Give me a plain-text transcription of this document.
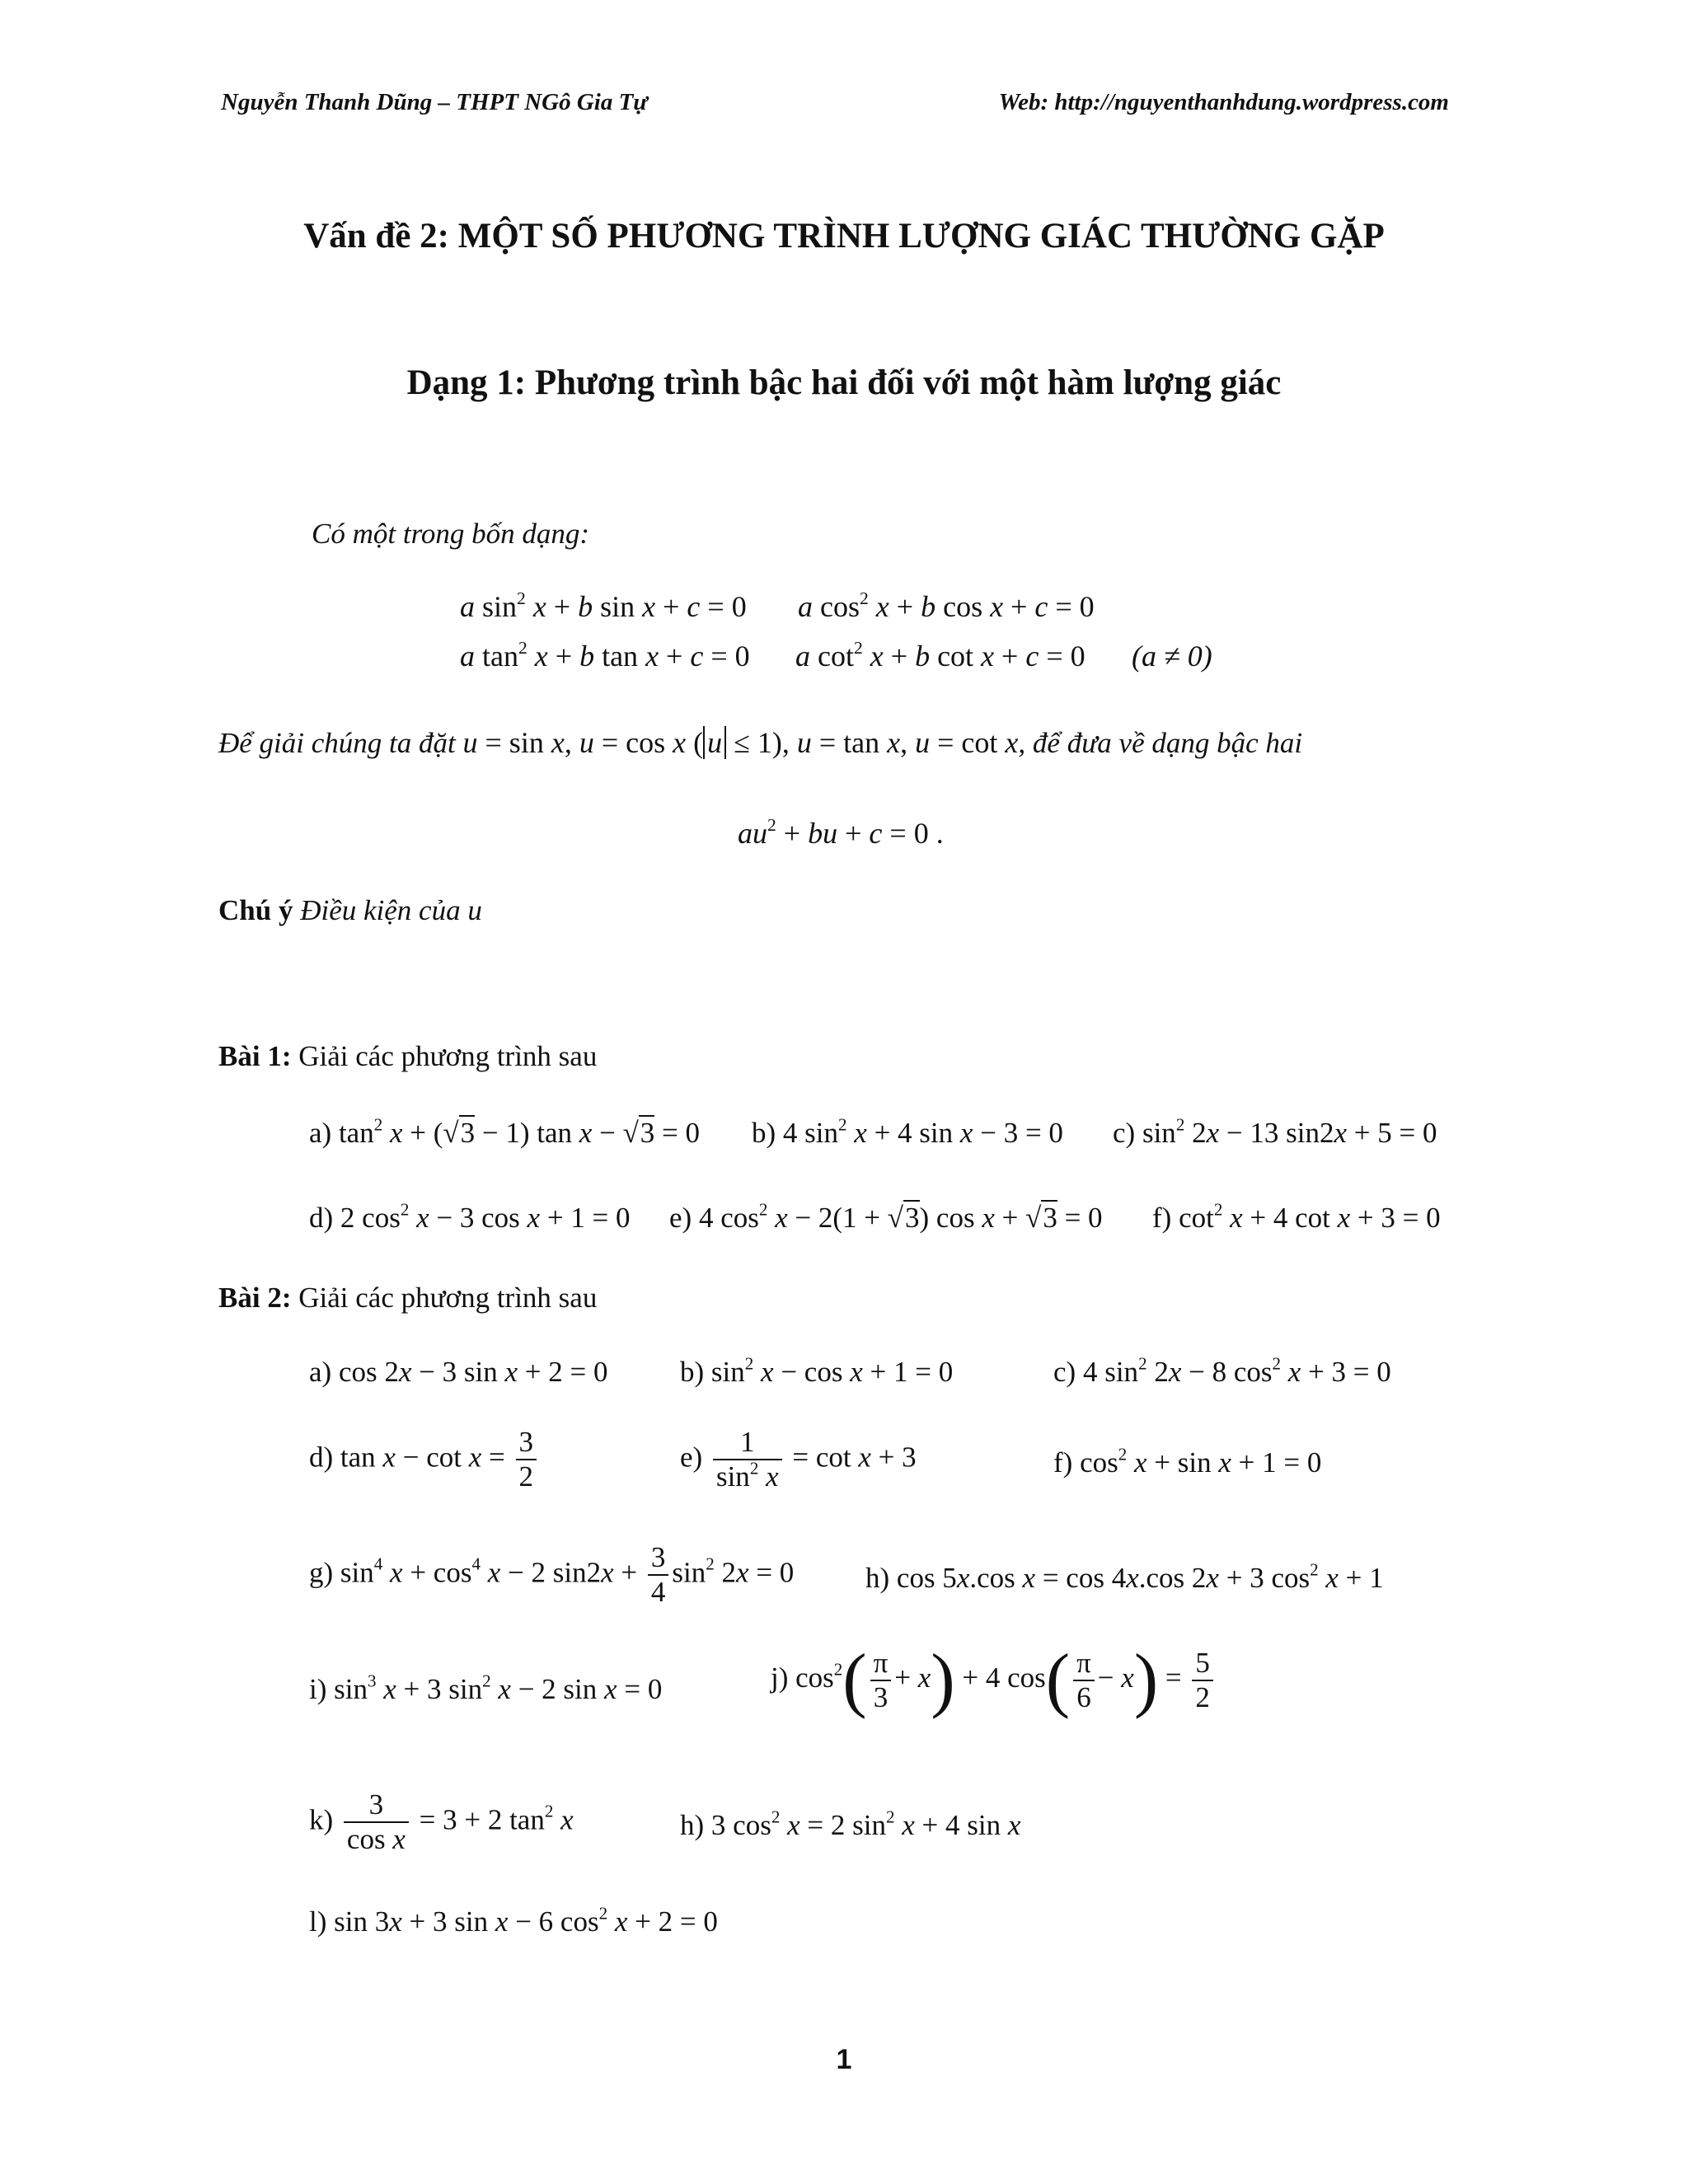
Nguyễn Thanh Dũng – THPT NGô Gia Tự	Web: http://nguyenthanhdung.wordpress.com
Vấn đề 2: MỘT SỐ PHƯƠNG TRÌNH LƯỢNG GIÁC THƯỜNG GẶP
Dạng 1: Phương trình bậc hai đối với một hàm lượng giác
Có một trong bốn dạng:
a $\sin^2 x + b$ sin x + c = 0 a $\cos^2 x + b$ cos x + c = 0
a $\tan^2 x + b$ tan x + c = 0 a $\cot^2 x + b$ cot x + c = 0 (a ≠ 0)
Để giải chúng ta đặt u = sin x, u = cos x ( u ≤ 1), u = tan x, u = cot x, để đưa về dạng bậc hai
$au^2$ + bu + c = 0 .
Chú ý Điều kiện của u
Bài 1: Giải các phương trình sau
a) $\tan^2 x + (√3 - 1)$ tan x − √3 = 0 b) 4 $\sin^2 x + 4$ sin x − 3 = 0 c) $\sin^2 2x - 13$ sin2x + 5 = 0
d) 2 $\cos^2 x - 3$ cos x + 1 = 0 e) 4 $\cos^2 x - 2(1 + √3)$ cos x + √3 = 0 f) $\cot^2 x + 4$ cot x + 3 = 0
Bài 2: Giải các phương trình sau
a) cos 2x − 3 sin x + 2 = 0 b) $\sin^2 x - \cos x + 1 = 0$	c) 4 $\sin^2 2x - 8$ $\cos^2 x + 3 = 0$
d) $\tan x - \cot x = \frac{3}{2}$	$e) \frac{1}{\sin^2 x} = \cot x + 3$	f) $\cos^2 x + \sin x + 1 = 0$
g) $\sin^4 x + \cos^4 x - 2$ $\sin 2x + \frac{3}{4} \sin^2 2x = 0$ h) cos 5x.cos x = cos 4x.cos 2x + 3 $\cos^2 x + 1$
i) $\sin^3 x + 3$ $\sin^2 x - 2$ sin x = 0	j) $\cos^2( \frac{\pi}{3} + x) + 4$ $\cos( \frac{\pi}{6} - x) = \frac{5}{2}$
$k) \frac{3}{\text{cos x}} = 3 + 2$ $\tan^2 x$	h) 3 $\cos^2 x = 2$ $\sin^2 x + 4$ sin x
l) sin 3x + 3 sin x − 6 $\cos^2 x + 2 = 0$
1
